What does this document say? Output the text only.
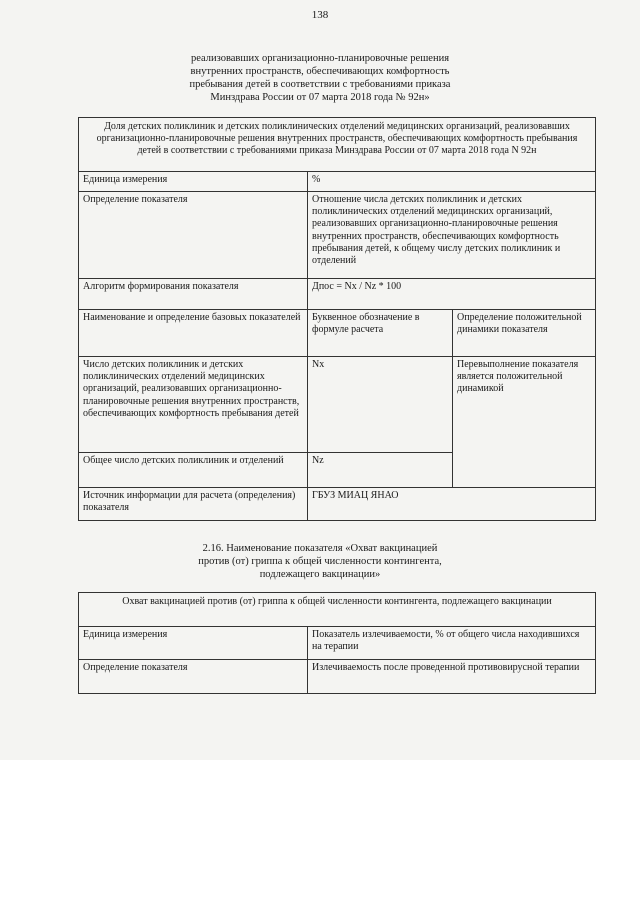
138
реализовавших организационно-планировочные решения
внутренних пространств, обеспечивающих комфортность
пребывания детей в соответствии с требованиями приказа
Минздрава России от 07 марта 2018 года № 92н»
Доля детских поликлиник и детских поликлинических отделений медицинских организаций, реализовавших организационно-планировочные решения внутренних пространств, обеспечивающих комфортность пребывания детей в соответствии с требованиями приказа Минздрава России от 07 марта 2018 года N 92н		
Единица измерения	%	
Определение показателя	Отношение числа детских поликлиник и детских поликлинических отделений медицинских организаций, реализовавших организационно-планировочные решения внутренних пространств, обеспечивающих комфортность пребывания детей, к общему числу детских поликлиник и отделений	
Алгоритм формирования показателя	Дпос = Nx / Nz * 100	
Наименование и определение базовых показателей	Буквенное обозначение в формуле расчета	Определение положительной динамики показателя
Число детских поликлиник и детских поликлинических отделений медицинских организаций, реализовавших организационно-планировочные решения внутренних пространств, обеспечивающих комфортность пребывания детей	Nx	Перевыполнение показателя является положительной динамикой
Общее число детских поликлиник и отделений	Nz	
Источник информации для расчета (определения) показателя	ГБУЗ МИАЦ ЯНАО	
2.16. Наименование показателя «Охват вакцинацией
против (от) гриппа к общей численности контингента,
подлежащего вакцинации»
Охват вакцинацией против (от) гриппа к общей численности контингента, подлежащего вакцинации	
Единица измерения	Показатель излечиваемости, % от общего числа находившихся на терапии
Определение показателя	Излечиваемость после проведенной противовирусной терапии
